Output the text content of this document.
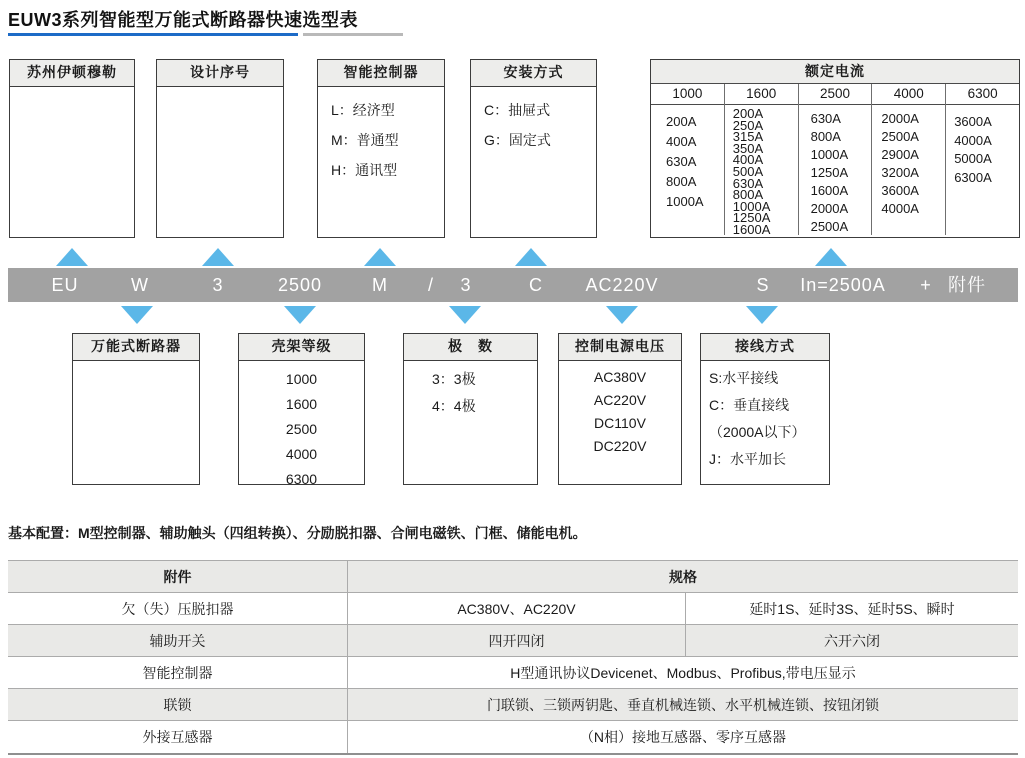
EUW3系列智能型万能式断路器快速选型表
苏州伊顿穆勒	设计序号	智能控制器
L：经济型
M：普通型
H：通讯型
安装方式
C：抽屉式
G：固定式
额定电流
1000
200A
400A
630A
800A
1000A
1600
200A
250A
315A
350A
400A
500A
630A
800A
1000A
1250A
1600A
2500
630A
800A
1000A
1250A
1600A
2000A
2500A
4000
2000A
2500A
2900A
3200A
3600A
4000A
6300
3600A
4000A
5000A
6300A
EU	W	3	2500	M / 3	C AC220V	S In=2500A + 附件
万能式断路器	壳架等级
1000
1600
2500
4000
6300
极　数
3：3极
4：4极
控制电源电压
AC380V
AC220V
DC110V
DC220V
接线方式
S:水平接线
C：垂直接线
（2000A以下）
J：水平加长
基本配置：M型控制器、辅助触头（四组转换）、分励脱扣器、合闸电磁铁、门框、储能电机。
附件	规格
欠（失）压脱扣器	AC380V、AC220V	延时1S、延时3S、延时5S、瞬时
辅助开关	四开四闭	六开六闭
智能控制器	H型通讯协议Devicenet、Modbus、Profibus,带电压显示
联锁	门联锁、三锁两钥匙、垂直机械连锁、水平机械连锁、按钮闭锁
外接互感器	（N相）接地互感器、零序互感器
